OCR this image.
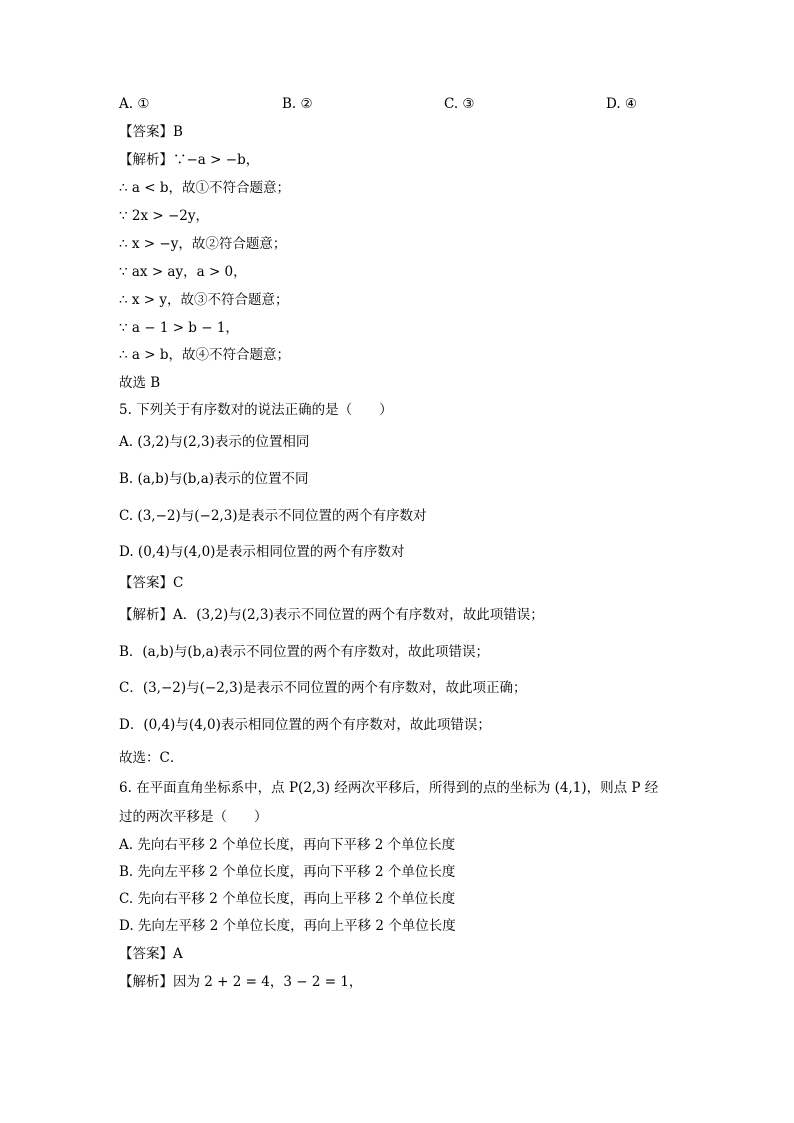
A. ①	B. ②	C. ③	D. ④
【答案】B
【解析】∵−a > −b，
∴ a < b，故①不符合题意；
∵ 2x > −2y，
∴ x > −y，故②符合题意；
∵ ax > ay，a > 0，
∴ x > y，故③不符合题意；
∵ a − 1 > b − 1，
∴ a > b，故④不符合题意；
故选 B
5. 下列关于有序数对的说法正确的是（　　）
A. (3,2)与(2,3)表示的位置相同
B. (a,b)与(b,a)表示的位置不同
C. (3,−2)与(−2,3)是表示不同位置的两个有序数对
D. (0,4)与(4,0)是表示相同位置的两个有序数对
【答案】C
【解析】A．(3,2)与(2,3)表示不同位置的两个有序数对，故此项错误；
B．(a,b)与(b,a)表示不同位置的两个有序数对，故此项错误；
C．(3,−2)与(−2,3)是表示不同位置的两个有序数对，故此项正确；
D．(0,4)与(4,0)表示相同位置的两个有序数对，故此项错误；
故选：C．
6. 在平面直角坐标系中，点 P(2,3) 经两次平移后，所得到的点的坐标为 (4,1)，则点 P 经
过的两次平移是（　　）
A. 先向右平移 2 个单位长度，再向下平移 2 个单位长度
B. 先向左平移 2 个单位长度，再向下平移 2 个单位长度
C. 先向右平移 2 个单位长度，再向上平移 2 个单位长度
D. 先向左平移 2 个单位长度，再向上平移 2 个单位长度
【答案】A
【解析】因为 2 + 2 = 4，3 − 2 = 1，
